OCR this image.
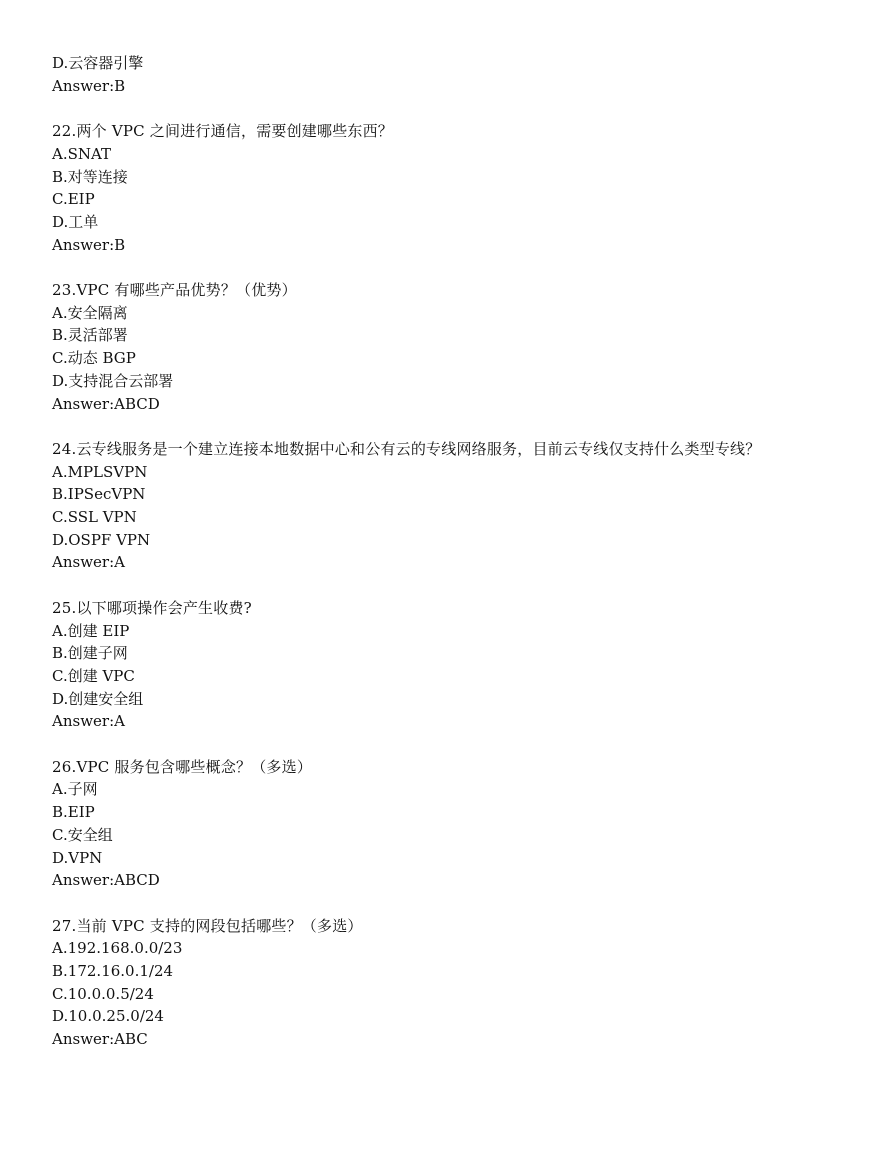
D.云容器引擎
Answer:B
22.两个 VPC 之间进行通信，需要创建哪些东西？
A.SNAT
B.对等连接
C.EIP
D.工单
Answer:B
23.VPC 有哪些产品优势？（优势）
A.安全隔离
B.灵活部署
C.动态 BGP
D.支持混合云部署
Answer:ABCD
24.云专线服务是一个建立连接本地数据中心和公有云的专线网络服务，目前云专线仅支持什么类型专线？
A.MPLSVPN
B.IPSecVPN
C.SSL VPN
D.OSPF VPN
Answer:A
25.以下哪项操作会产生收费?
A.创建 EIP
B.创建子网
C.创建 VPC
D.创建安全组
Answer:A
26.VPC 服务包含哪些概念？（多选）
A.子网
B.EIP
C.安全组
D.VPN
Answer:ABCD
27.当前 VPC 支持的网段包括哪些？（多选）
A.192.168.0.0/23
B.172.16.0.1/24
C.10.0.0.5/24
D.10.0.25.0/24
Answer:ABC
